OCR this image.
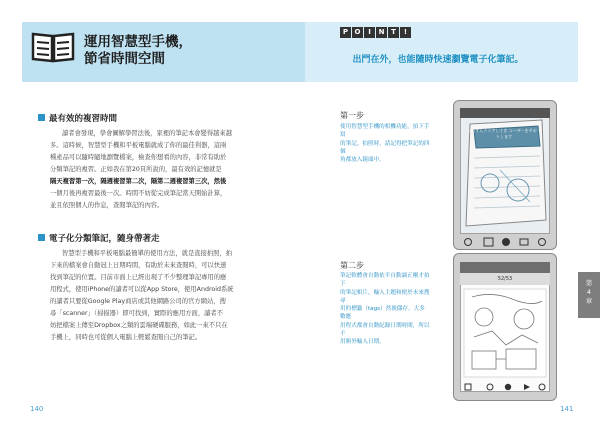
運用智慧型手機，
節省時間空間
P O	I	N T	!
出門在外，也能隨時快速瀏覽電子化筆記。
最有效的複習時間
讀者會發現，學會圖解學習法後，家裡的筆記本會變得越來越
多。這時候，智慧型手機和平板電腦就成了你的最佳利器，這兩
種產品可以隨時隨地瀏覽檔案，檢查你想看的內容，非常有助於
分類筆記的複習。正如我在第20頁所說的，最有效的記憶就是
隔天複習第一次，隔週複習第二次，隔第二週複習第三次，然後
一個月後再複習最後一次。時間不妨從完成筆記當天開始計算，
並且依照個人的作息，查閱筆記的內容。
電子化分類筆記，隨身帶著走
智慧型手機和平板電腦最簡單的使用方法，就是直接拍照，拍
下來的檔案會自動冠上日期時間，有助於未來查閱時，可以快速
找到筆記的位置。目前市面上已經出現了不少整理筆記專用的應
用程式，使用iPhone的讀者可以從App Store，使用Android系統
的讀者只要從Google Play商店或其他網路公司的官方網站，搜
尋「scanner」（掃描器）即可找到，實際的應用方面，讀者不
妨把檔案上傳至Dropbox之類的雲端硬碟服務，如此一來不只在
手機上，同時也可從個人電腦上輕鬆查閱自己的筆記。
140
第一步
使用智慧型手機的相機功能，拍下手寫
的筆記。拍照時，請記得把筆記的四個
角都放入鏡頭中。
ひたすらクリアしてき ユーザーをサポートします
第二步
筆記軟體會自動依半自動調正剛才拍下
的筆記相片，輸入主題和便於未來搜尋
用的標籤（tags）然後儲存。大多數應
用程式都會自動紀錄日期時間，所以不
用額外輸入日期。
52/53	第
4
章
141
